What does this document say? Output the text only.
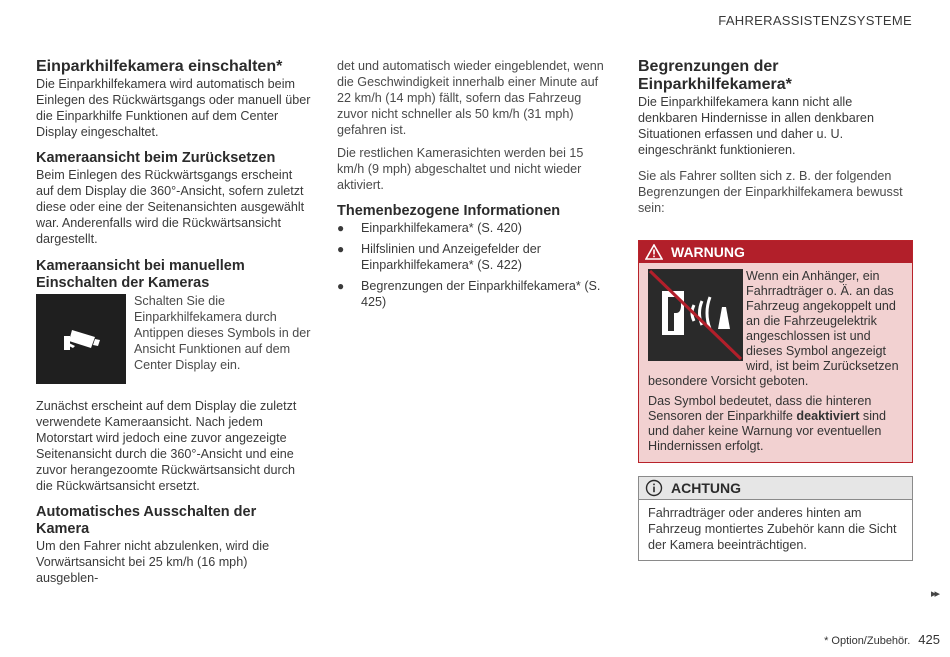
FAHRERASSISTENZSYSTEME
Einparkhilfekamera einschalten*

Die Einparkhilfekamera wird automatisch beim Einlegen des Rückwärtsgangs oder manuell über die Einparkhilfe Funktionen auf dem Center Display eingeschaltet.

Kameraansicht beim Zurücksetzen

Beim Einlegen des Rückwärtsgangs erscheint auf dem Display die 360°-Ansicht, sofern zuletzt diese oder eine der Seitenansichten ausgewählt war. Anderenfalls wird die Rückwärtsansicht dargestellt.

Kameraansicht bei manuellem Einschalten der Kameras

Schalten Sie die Einparkhilfekamera durch Antippen dieses Symbols in der Ansicht Funktionen auf dem Center Display ein.

Zunächst erscheint auf dem Display die zuletzt verwendete Kameraansicht. Nach jedem Motorstart wird jedoch eine zuvor angezeigte Seitenansicht durch die 360°-Ansicht und eine zuvor herangezoomte Rückwärtsansicht durch die Rückwärtsansicht ersetzt.

Automatisches Ausschalten der Kamera

Um den Fahrer nicht abzulenken, wird die Vorwärtsansicht bei 25 km/h (16 mph) ausgeblen-

det und automatisch wieder eingeblendet, wenn die Geschwindigkeit innerhalb einer Minute auf 22 km/h (14 mph) fällt, sofern das Fahrzeug zuvor nicht schneller als 50 km/h (31 mph) gefahren ist.

Die restlichen Kamerasichten werden bei 15 km/h (9 mph) abgeschaltet und nicht wieder aktiviert.

Themenbezogene Informationen
●	Einparkhilfekamera* (S. 420)
●	Hilfslinien und Anzeigefelder der Einparkhilfekamera* (S. 422)
●	Begrenzungen der Einparkhilfekamera* (S. 425)
Begrenzungen der Einparkhilfekamera*

Die Einparkhilfekamera kann nicht alle denkbaren Hindernisse in allen denkbaren Situationen erfassen und daher u. U. eingeschränkt funktionieren.

Sie als Fahrer sollten sich z. B. der folgenden Begrenzungen der Einparkhilfekamera bewusst sein:

WARNUNG

Wenn ein Anhänger, ein Fahrradträger o. Ä. an das Fahrzeug angekoppelt und an die Fahrzeugelektrik angeschlossen ist und dieses Symbol angezeigt wird, ist beim Zurücksetzen besondere Vorsicht geboten.

Das Symbol bedeutet, dass die hinteren Sensoren der Einparkhilfe deaktiviert sind und daher keine Warnung vor eventuellen Hindernissen erfolgt.

ACHTUNG
Fahrradträger oder anderes hinten am Fahrzeug montiertes Zubehör kann die Sicht der Kamera beeinträchtigen.
▸▸
* Option/Zubehör. 425
